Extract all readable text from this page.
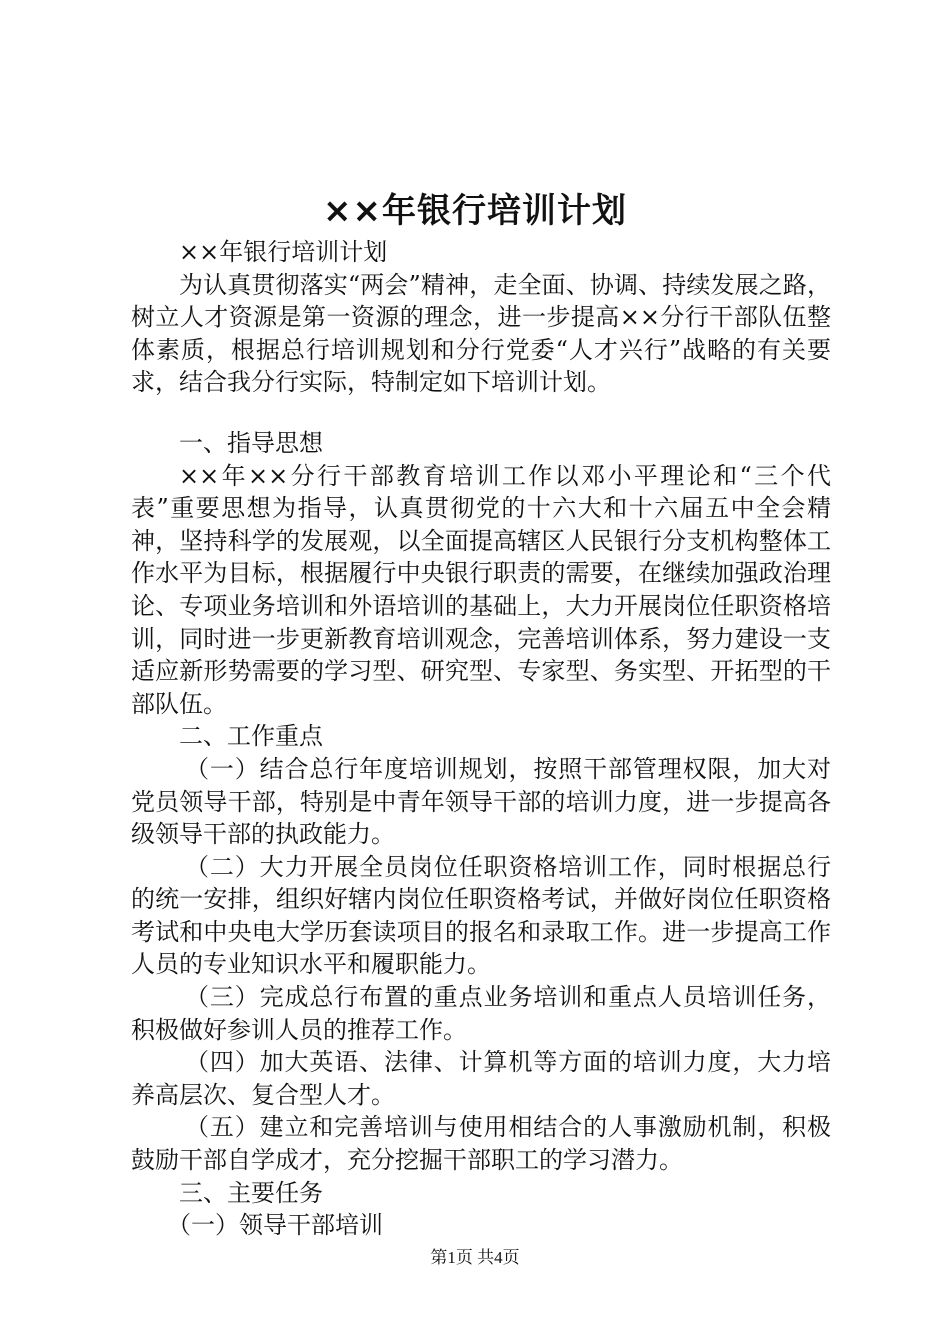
××年银行培训计划

××年银行培训计划

为认真贯彻落实“两会”精神，走全面、协调、持续发展之路，树立人才资源是第一资源的理念，进一步提高××分行干部队伍整体素质，根据总行培训规划和分行党委“人才兴行”战略的有关要求，结合我分行实际，特制定如下培训计划。

一、指导思想

××年××分行干部教育培训工作以邓小平理论和“三个代表”重要思想为指导，认真贯彻党的十六大和十六届五中全会精神，坚持科学的发展观，以全面提高辖区人民银行分支机构整体工作水平为目标，根据履行中央银行职责的需要，在继续加强政治理论、专项业务培训和外语培训的基础上，大力开展岗位任职资格培训，同时进一步更新教育培训观念，完善培训体系，努力建设一支适应新形势需要的学习型、研究型、专家型、务实型、开拓型的干部队伍。

二、工作重点

（一）结合总行年度培训规划，按照干部管理权限，加大对党员领导干部，特别是中青年领导干部的培训力度，进一步提高各级领导干部的执政能力。

（二）大力开展全员岗位任职资格培训工作，同时根据总行的统一安排，组织好辖内岗位任职资格考试，并做好岗位任职资格考试和中央电大学历套读项目的报名和录取工作。进一步提高工作人员的专业知识水平和履职能力。

（三）完成总行布置的重点业务培训和重点人员培训任务，积极做好参训人员的推荐工作。

（四）加大英语、法律、计算机等方面的培训力度，大力培养高层次、复合型人才。

（五）建立和完善培训与使用相结合的人事激励机制，积极鼓励干部自学成才，充分挖掘干部职工的学习潜力。

三、主要任务

（一）领导干部培训

第1页 共4页
